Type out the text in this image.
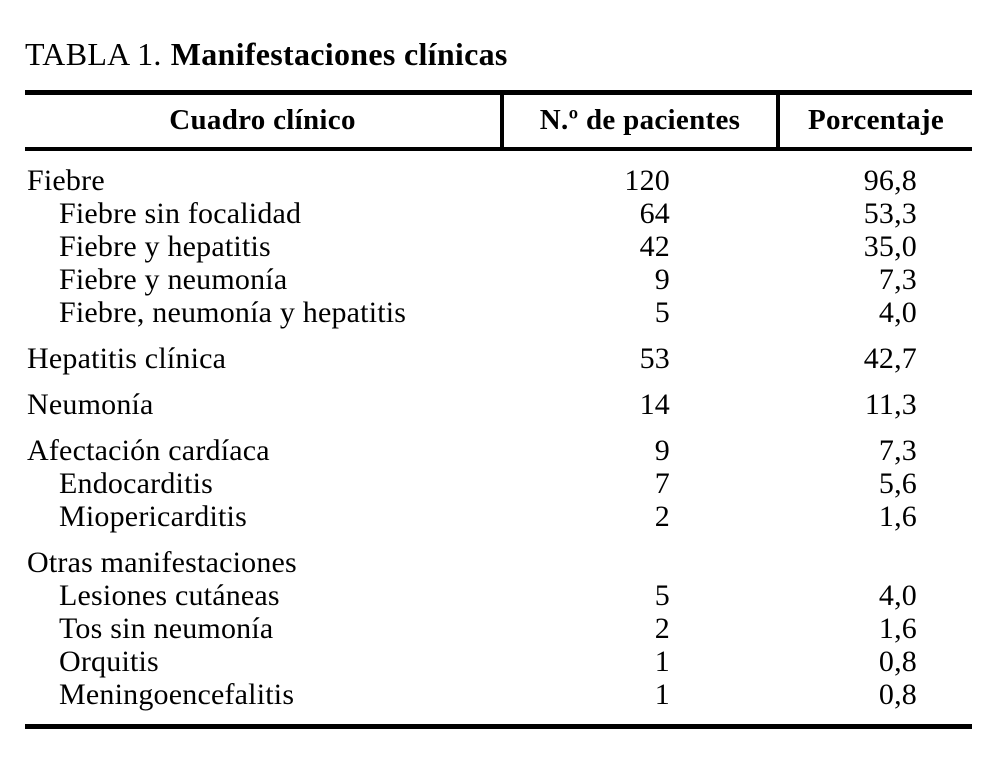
TABLA 1. Manifestaciones clínicas
Cuadro clínico	N.º de pacientes	Porcentaje
Fiebre	120	96,8
Fiebre sin focalidad	64	53,3
Fiebre y hepatitis	42	35,0
Fiebre y neumonía	9	7,3
Fiebre, neumonía y hepatitis	5	4,0
Hepatitis clínica	53	42,7
Neumonía	14	11,3
Afectación cardíaca	9	7,3
Endocarditis	7	5,6
Miopericarditis	2	1,6
Otras manifestaciones		
Lesiones cutáneas	5	4,0
Tos sin neumonía	2	1,6
Orquitis	1	0,8
Meningoencefalitis	1	0,8
